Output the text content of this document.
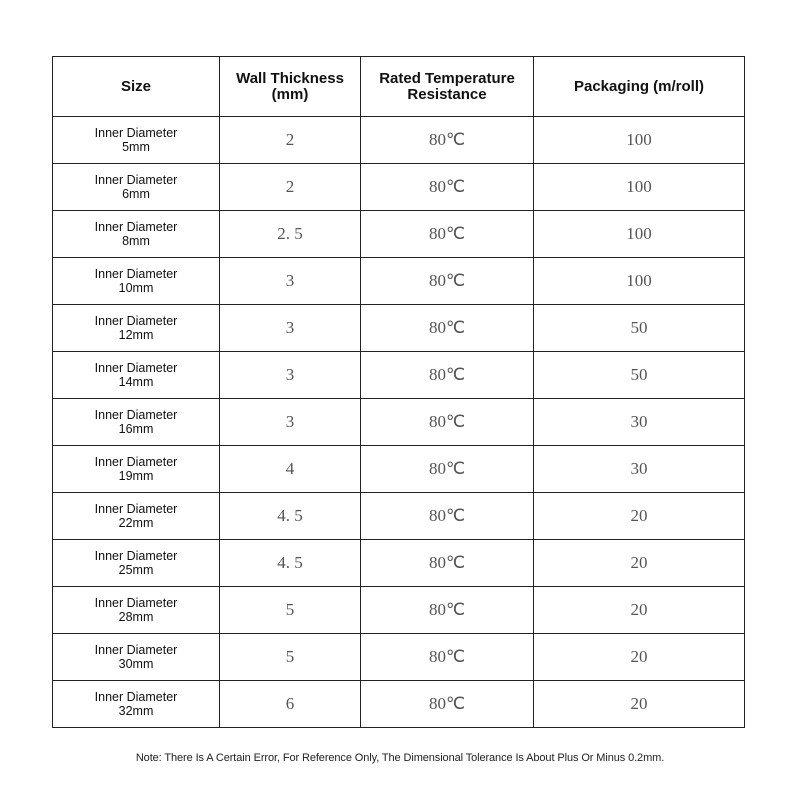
Size	Wall Thickness (mm)	Rated Temperature Resistance	Packaging (m/roll)

Inner Diameter
5mm	2	80℃	100

Inner Diameter
6mm	2	80℃	100

Inner Diameter
8mm	2. 5	80℃	100

Inner Diameter
10mm	3	80℃	100

Inner Diameter
12mm	3	80℃	50

Inner Diameter
14mm	3	80℃	50

Inner Diameter
16mm	3	80℃	30

Inner Diameter
19mm	4	80℃	30

Inner Diameter
22mm	4. 5	80℃	20

Inner Diameter
25mm	4. 5	80℃	20

Inner Diameter
28mm	5	80℃	20

Inner Diameter
30mm	5	80℃	20

Inner Diameter
32mm	6	80℃	20
Note: There Is A Certain Error, For Reference Only, The Dimensional Tolerance Is About Plus Or Minus 0.2mm.
